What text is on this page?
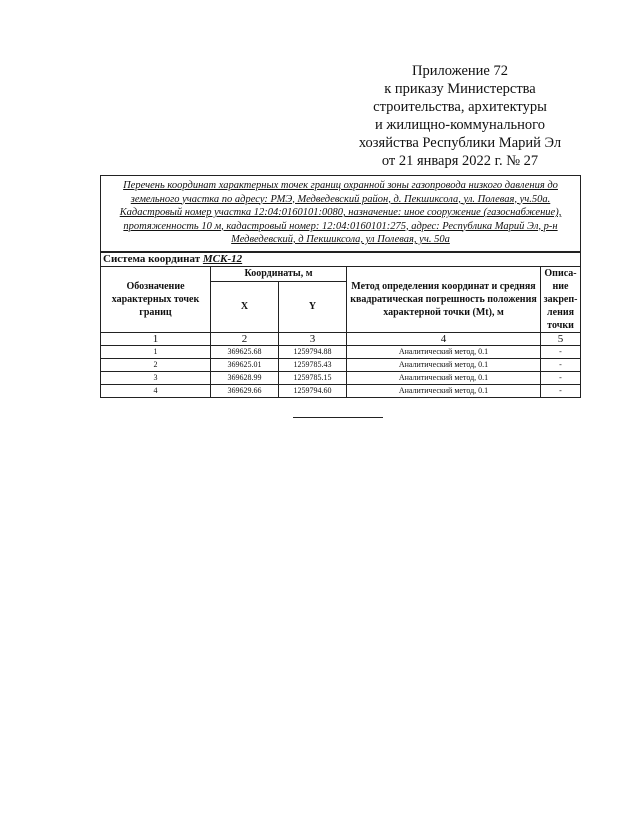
Приложение 72
к приказу Министерства
строительства, архитектуры
и жилищно-коммунального
хозяйства Республики Марий Эл
от 21 января 2022 г. № 27
Перечень координат характерных точек границ охранной зоны газопровода низкого давления до земельного участка по адресу: РМЭ, Медведевский район, д. Пекшиксола, ул. Полевая, уч.50а. Кадастровый номер участка 12:04:0160101:0080, назначение: иное сооружение (газоснабжение), протяженность 10 м, кадастровый номер: 12:04:0160101:275, адрес: Республика Марий Эл, р-н Медведевский, д Пекшиксола, ул Полевая, уч. 50а				
Система координат МСК-12				
Обозначение характерных точек границ	Координаты, м		Метод определения координат и средняя квадратическая погрешность положения характерной точки (Mt), м	Описа-ние закреп-ления точки
	X	Y		
1	2	3	4	5
1	369625.68	1259794.88	Аналитический метод, 0.1	-
2	369625.01	1259785.43	Аналитический метод, 0.1	-
3	369628.99	1259785.15	Аналитический метод, 0.1	-
4	369629.66	1259794.60	Аналитический метод, 0.1	-
